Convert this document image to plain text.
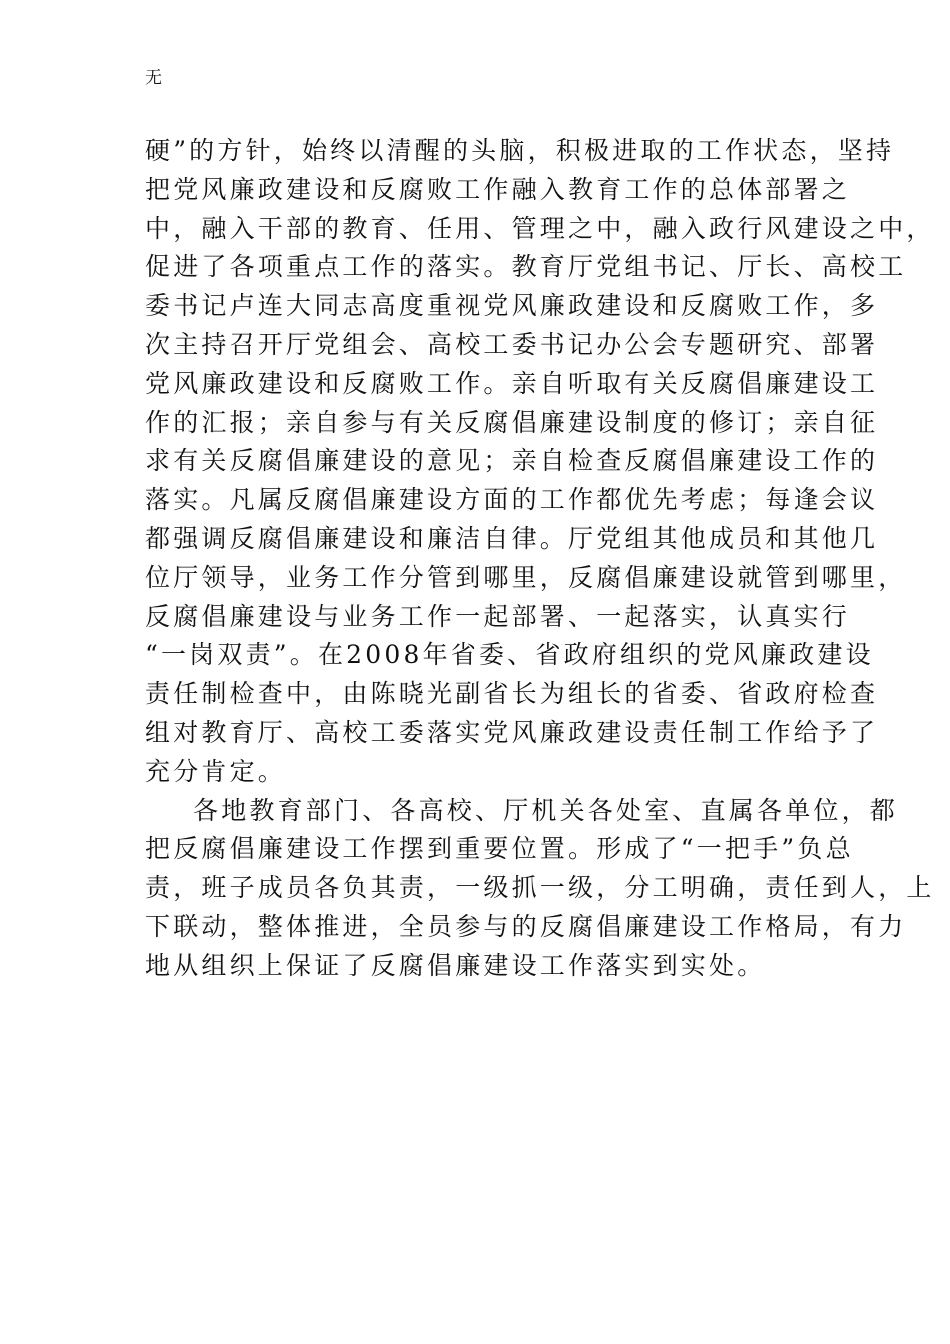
无
硬”的方针，始终以清醒的头脑，积极进取的工作状态，坚持
把党风廉政建设和反腐败工作融入教育工作的总体部署之
中，融入干部的教育、任用、管理之中，融入政行风建设之中，
促进了各项重点工作的落实。教育厅党组书记、厅长、高校工
委书记卢连大同志高度重视党风廉政建设和反腐败工作，多
次主持召开厅党组会、高校工委书记办公会专题研究、部署
党风廉政建设和反腐败工作。亲自听取有关反腐倡廉建设工
作的汇报；亲自参与有关反腐倡廉建设制度的修订；亲自征
求有关反腐倡廉建设的意见；亲自检查反腐倡廉建设工作的
落实。凡属反腐倡廉建设方面的工作都优先考虑；每逢会议
都强调反腐倡廉建设和廉洁自律。厅党组其他成员和其他几
位厅领导，业务工作分管到哪里，反腐倡廉建设就管到哪里，
反腐倡廉建设与业务工作一起部署、一起落实，认真实行
“一岗双责”。在2008年省委、省政府组织的党风廉政建设
责任制检查中，由陈晓光副省长为组长的省委、省政府检查
组对教育厅、高校工委落实党风廉政建设责任制工作给予了
充分肯定。
各地教育部门、各高校、厅机关各处室、直属各单位，都
把反腐倡廉建设工作摆到重要位置。形成了“一把手”负总
责，班子成员各负其责，一级抓一级，分工明确，责任到人，上
下联动，整体推进，全员参与的反腐倡廉建设工作格局，有力
地从组织上保证了反腐倡廉建设工作落实到实处。
